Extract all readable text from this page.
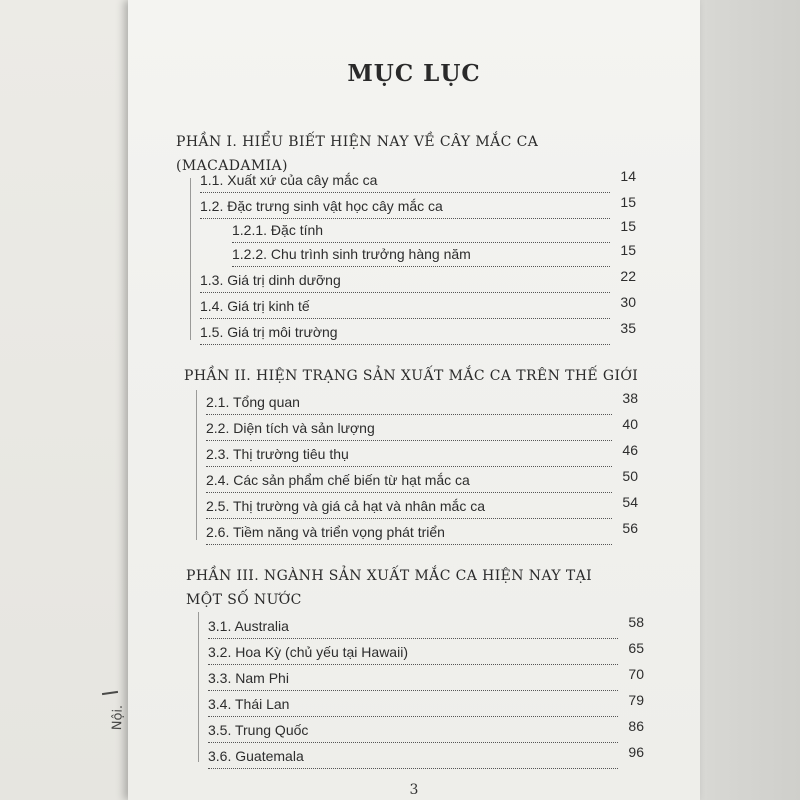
Nội.
MỤC LỤC
PHẦN I. HIỂU BIẾT HIỆN NAY VỀ CÂY MẮC CA
(MACADAMIA)
1.1. Xuất xứ của cây mắc ca	14
1.2. Đặc trưng sinh vật học cây mắc ca	15
1.2.1. Đặc tính	15
1.2.2. Chu trình sinh trưởng hàng năm	15
1.3. Giá trị dinh dưỡng	22
1.4. Giá trị kinh tế	30
1.5. Giá trị môi trường	35
PHẦN II. HIỆN TRẠNG SẢN XUẤT MẮC CA TRÊN THẾ GIỚI
2.1. Tổng quan	38
2.2. Diện tích và sản lượng	40
2.3. Thị trường tiêu thụ	46
2.4. Các sản phẩm chế biến từ hạt mắc ca	50
2.5. Thị trường và giá cả hạt và nhân mắc ca	54
2.6. Tiềm năng và triển vọng phát triển	56
PHẦN III. NGÀNH SẢN XUẤT MẮC CA HIỆN NAY TẠI
MỘT SỐ NƯỚC
3.1. Australia	58
3.2. Hoa Kỳ (chủ yếu tại Hawaii)	65
3.3. Nam Phi	70
3.4. Thái Lan	79
3.5. Trung Quốc	86
3.6. Guatemala	96
3
